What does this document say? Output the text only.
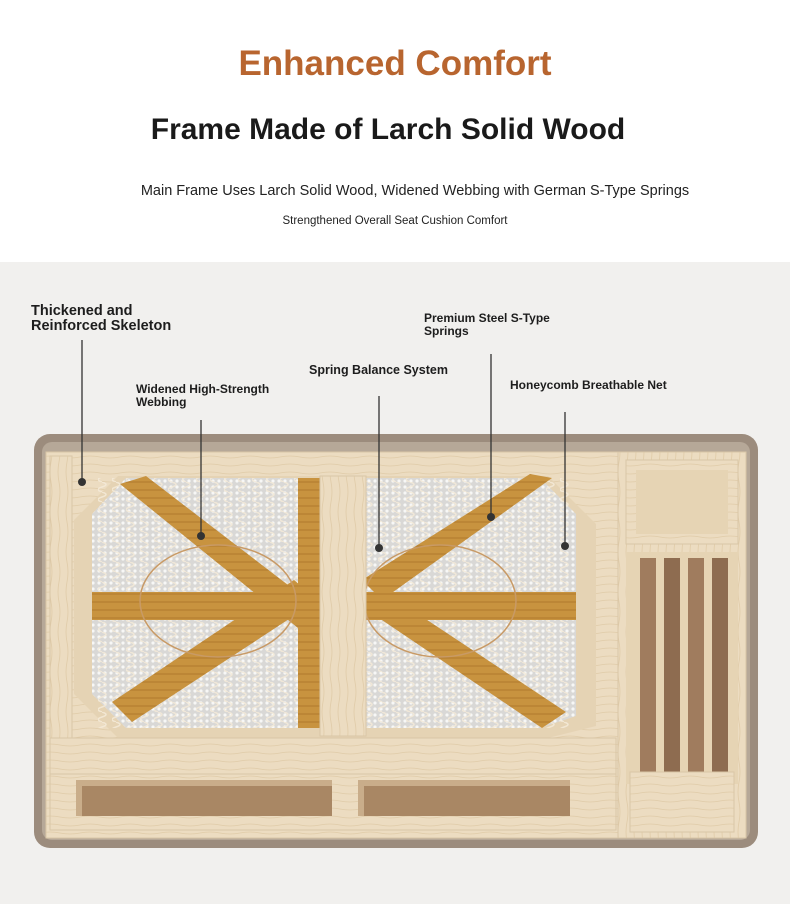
Enhanced Comfort
Frame Made of Larch Solid Wood
Main Frame Uses Larch Solid Wood, Widened Webbing with German S-Type Springs
Strengthened Overall Seat Cushion Comfort
Thickened and
Reinforced Skeleton
Widened High-Strength
Webbing
Spring Balance System
Premium Steel S-Type
Springs
Honeycomb Breathable Net
